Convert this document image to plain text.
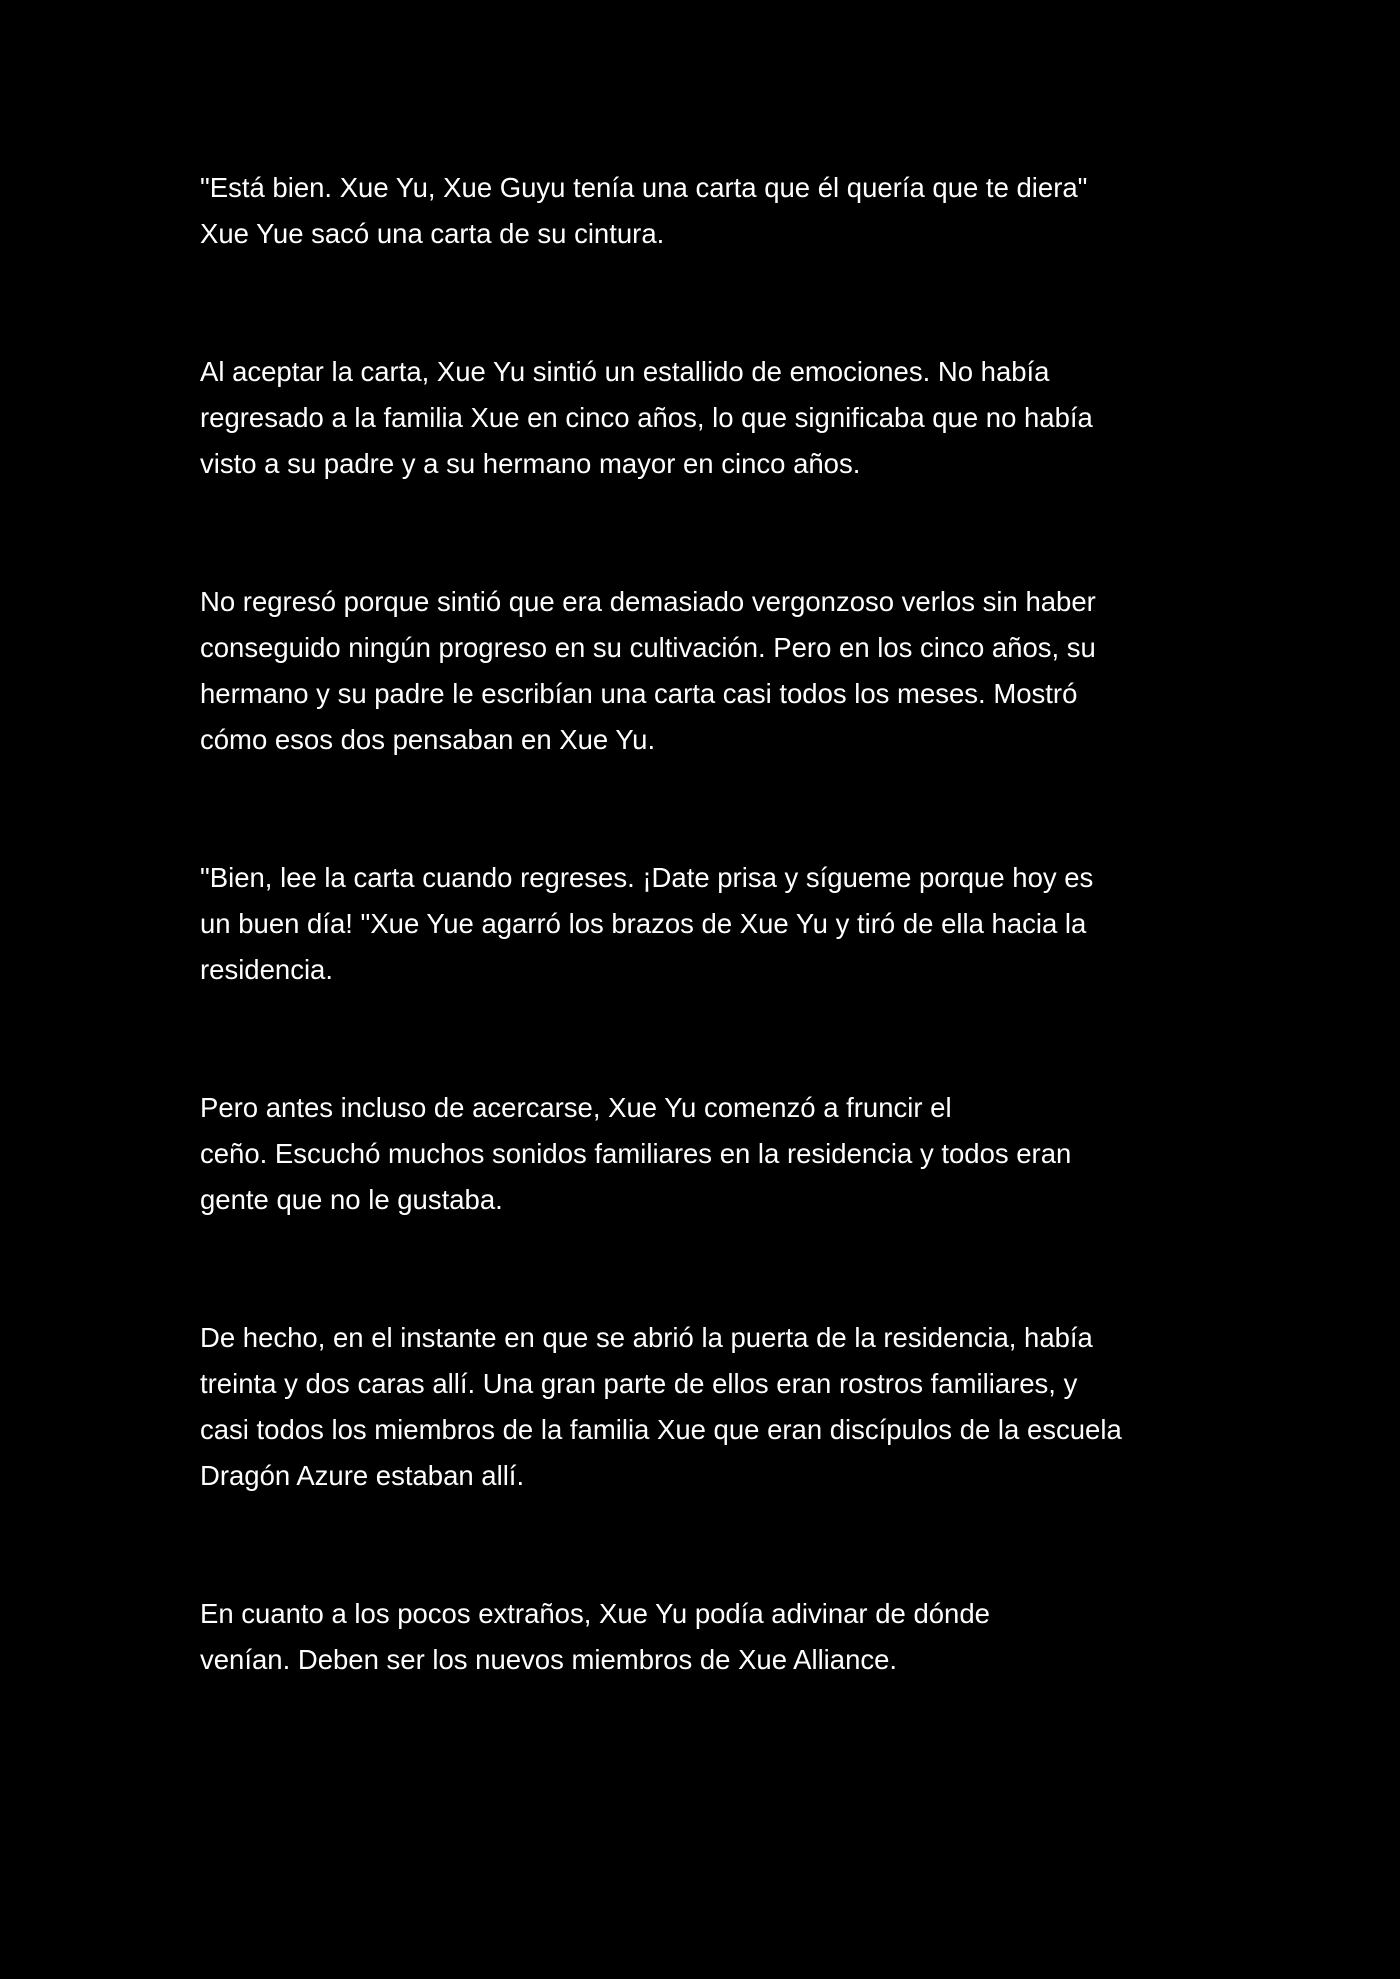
"Está bien. Xue Yu, Xue Guyu tenía una carta que él quería que te diera"
Xue Yue sacó una carta de su cintura.

Al aceptar la carta, Xue Yu sintió un estallido de emociones. No había
regresado a la familia Xue en cinco años, lo que significaba que no había
visto a su padre y a su hermano mayor en cinco años.

No regresó porque sintió que era demasiado vergonzoso verlos sin haber
conseguido ningún progreso en su cultivación. Pero en los cinco años, su
hermano y su padre le escribían una carta casi todos los meses. Mostró
cómo esos dos pensaban en Xue Yu.

"Bien, lee la carta cuando regreses. ¡Date prisa y sígueme porque hoy es
un buen día! "Xue Yue agarró los brazos de Xue Yu y tiró de ella hacia la
residencia.

Pero antes incluso de acercarse, Xue Yu comenzó a fruncir el
ceño. Escuchó muchos sonidos familiares en la residencia y todos eran
gente que no le gustaba.

De hecho, en el instante en que se abrió la puerta de la residencia, había
treinta y dos caras allí. Una gran parte de ellos eran rostros familiares, y
casi todos los miembros de la familia Xue que eran discípulos de la escuela
Dragón Azure estaban allí.

En cuanto a los pocos extraños, Xue Yu podía adivinar de dónde
venían. Deben ser los nuevos miembros de Xue Alliance.
